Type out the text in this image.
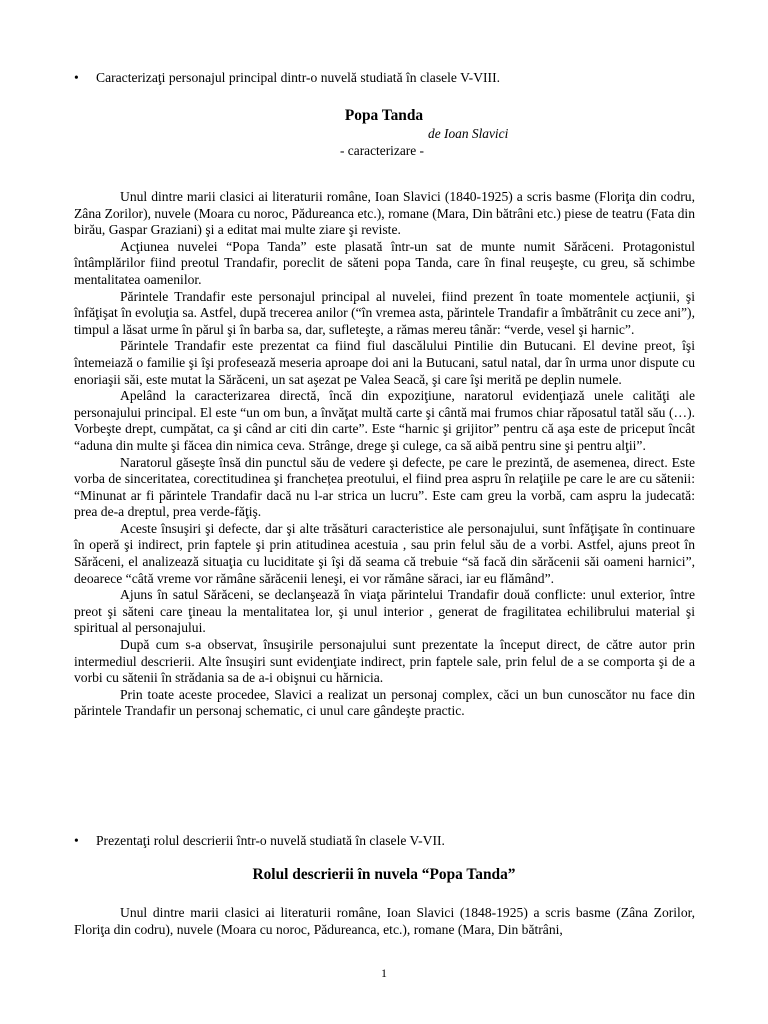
• Caracterizaţi personajul principal dintr-o nuvelă studiată în clasele V-VIII.
Popa Tanda
de Ioan Slavici
- caracterizare -

Unul dintre marii clasici ai literaturii române, Ioan Slavici (1840-1925) a scris basme (Floriţa din codru, Zâna Zorilor), nuvele (Moara cu noroc, Pădureanca etc.), romane (Mara, Din bătrâni etc.) piese de teatru (Fata din birău, Gaspar Graziani) şi a editat mai multe ziare şi reviste.

Acţiunea nuvelei “Popa Tanda” este plasată într-un sat de munte numit Sărăceni. Protagonistul întâmplărilor fiind preotul Trandafir, poreclit de săteni popa Tanda, care în final reuşeşte, cu greu, să schimbe mentalitatea oamenilor.

Părintele Trandafir este personajul principal al nuvelei, fiind prezent în toate momentele acţiunii, şi înfăţişat în evoluţia sa. Astfel, după trecerea anilor (“în vremea asta, părintele Trandafir a îmbătrânit cu zece ani”), timpul a lăsat urme în părul şi în barba sa, dar, sufleteşte, a rămas mereu tânăr: “verde, vesel şi harnic”.

Părintele Trandafir este prezentat ca fiind fiul dascălului Pintilie din Butucani. El devine preot, îşi întemeiază o familie şi îşi profesează meseria aproape doi ani la Butucani, satul natal, dar în urma unor dispute cu enoriaşii săi, este mutat la Sărăceni, un sat aşezat pe Valea Seacă, şi care îşi merită pe deplin numele.

Apelând la caracterizarea directă, încă din expoziţiune, naratorul evidenţiază unele calităţi ale personajului principal. El este “un om bun, a învăţat multă carte şi cântă mai frumos chiar răposatul tatăl său (…). Vorbeşte drept, cumpătat, ca şi când ar citi din carte”. Este “harnic şi grijitor” pentru că aşa este de priceput încât “aduna din multe şi făcea din nimica ceva. Strânge, drege şi culege, ca să aibă pentru sine şi pentru alţii”.

Naratorul găseşte însă din punctul său de vedere şi defecte, pe care le prezintă, de asemenea, direct. Este vorba de sinceritatea, corectitudinea şi franchețea preotului, el fiind prea aspru în relaţiile pe care le are cu sătenii: “Minunat ar fi părintele Trandafir dacă nu l-ar strica un lucru”. Este cam greu la vorbă, cam aspru la judecată: prea de-a dreptul, prea verde-făţiş.

Aceste însuşiri şi defecte, dar şi alte trăsături caracteristice ale personajului, sunt înfăţişate în continuare în operă şi indirect, prin faptele şi prin atitudinea acestuia , sau prin felul său de a vorbi. Astfel, ajuns preot în Sărăceni, el analizează situaţia cu luciditate şi îşi dă seama că trebuie “să facă din sărăcenii săi oameni harnici”, deoarece “câtă vreme vor rămâne sărăcenii leneşi, ei vor rămâne săraci, iar eu flămând”.

Ajuns în satul Sărăceni, se declanşează în viaţa părintelui Trandafir două conflicte: unul exterior, între preot şi săteni care ţineau la mentalitatea lor, şi unul interior , generat de fragilitatea echilibrului material şi spiritual al personajului.

După cum s-a observat, însuşirile personajului sunt prezentate la început direct, de către autor prin intermediul descrierii. Alte însuşiri sunt evidenţiate indirect, prin faptele sale, prin felul de a se comporta şi de a vorbi cu sătenii în strădania sa de a-i obişnui cu hărnicia.

Prin toate aceste procedee, Slavici a realizat un personaj complex, căci un bun cunoscător nu face din părintele Trandafir un personaj schematic, ci unul care gândeşte practic.

• Prezentaţi rolul descrierii într-o nuvelă studiată în clasele V-VII.
Rolul descrierii în nuvela “Popa Tanda”

Unul dintre marii clasici ai literaturii române, Ioan Slavici (1848-1925) a scris basme (Zâna Zorilor, Floriţa din codru), nuvele (Moara cu noroc, Pădureanca, etc.), romane (Mara, Din bătrâni,

1
